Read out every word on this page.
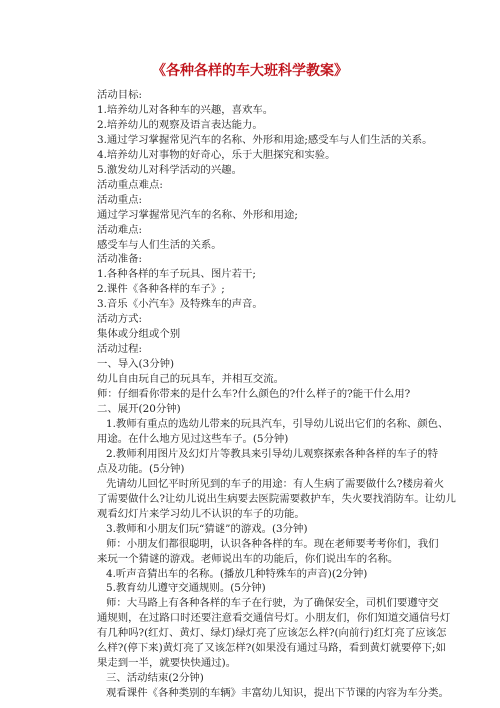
《各种各样的车大班科学教案》
活动目标:
1.培养幼儿对各种车的兴趣，喜欢车。
2.培养幼儿的观察及语言表达能力。
3.通过学习掌握常见汽车的名称、外形和用途;感受车与人们生活的关系。
4.培养幼儿对事物的好奇心，乐于大胆探究和实验。
5.激发幼儿对科学活动的兴趣。
活动重点难点:
活动重点:
通过学习掌握常见汽车的名称、外形和用途;
活动难点:
感受车与人们生活的关系。
活动准备:
1.各种各样的车子玩具、图片若干;
2.课件《各种各样的车子》;
3.音乐《小汽车》及特殊车的声音。
活动方式:
集体或分组或个别
活动过程:
一、导入(3分钟)
幼儿自由玩自己的玩具车，并相互交流。
师：仔细看你带来的是什么车?什么颜色的?什么样子的?能干什么用?
二、展开(20分钟)
1.教师有重点的选幼儿带来的玩具汽车，引导幼儿说出它们的名称、颜色、
用途。在什么地方见过这些车子。(5分钟)
2.教师利用图片及幻灯片等教具来引导幼儿观察探索各种各样的车子的特
点及功能。(5分钟)
先请幼儿回忆平时所见到的车子的用途：有人生病了需要做什么?楼房着火
了需要做什么?让幼儿说出生病要去医院需要救护车，失火要找消防车。让幼儿
观看幻灯片来学习幼儿不认识的车子的功能。
3.教师和小朋友们玩“猜谜”的游戏。(3分钟)
师：小朋友们都很聪明，认识各种各样的车。现在老师要考考你们，我们
来玩一个猜谜的游戏。老师说出车的功能后，你们说出车的名称。
4.听声音猜出车的名称。(播放几种特殊车的声音)(2分钟)
5.教育幼儿遵守交通规则。(5分钟)
师：大马路上有各种各样的车子在行驶，为了确保安全，司机们要遵守交
通规则，在过路口时还要注意看交通信号灯。小朋友们，你们知道交通信号灯
有几种吗?(红灯、黄灯、绿灯)绿灯亮了应该怎么样?(向前行)红灯亮了应该怎
么样?(停下来)黄灯亮了又该怎样?(如果没有通过马路，看到黄灯就要停下;如
果走到一半，就要快快通过)。
三、活动结束(2分钟)
观看课件《各种类别的车辆》丰富幼儿知识，提出下节课的内容为车分类。
